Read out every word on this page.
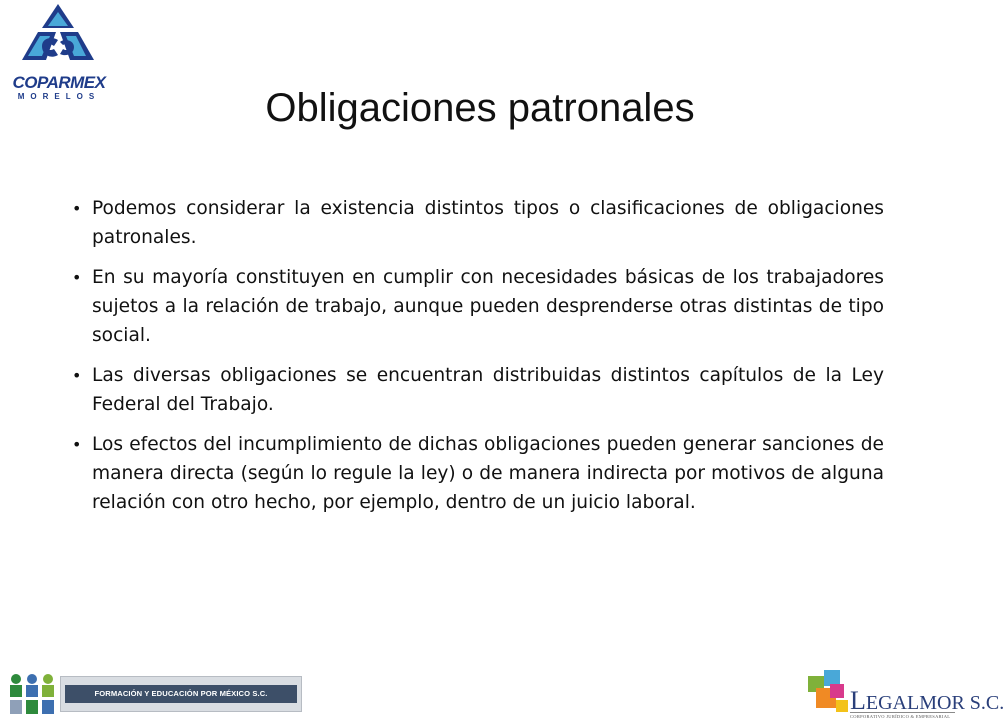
COPARMEX
MORELOS	Obligaciones patronales
• Podemos considerar la existencia distintos tipos o clasificaciones de obligaciones patronales.
• En su mayoría constituyen en cumplir con necesidades básicas de los trabajadores sujetos a la relación de trabajo, aunque pueden desprenderse otras distintas de tipo social.
• Las diversas obligaciones se encuentran distribuidas distintos capítulos de la Ley Federal del Trabajo.
• Los efectos del incumplimiento de dichas obligaciones pueden generar sanciones de manera directa (según lo regule la ley) o de manera indirecta por motivos de alguna relación con otro hecho, por ejemplo, dentro de un juicio laboral.
FORMACIÓN Y EDUCACIÓN POR MÉXICO S.C.	LEGALMOR S.C.
CORPORATIVO JURÍDICO & EMPRESARIAL
